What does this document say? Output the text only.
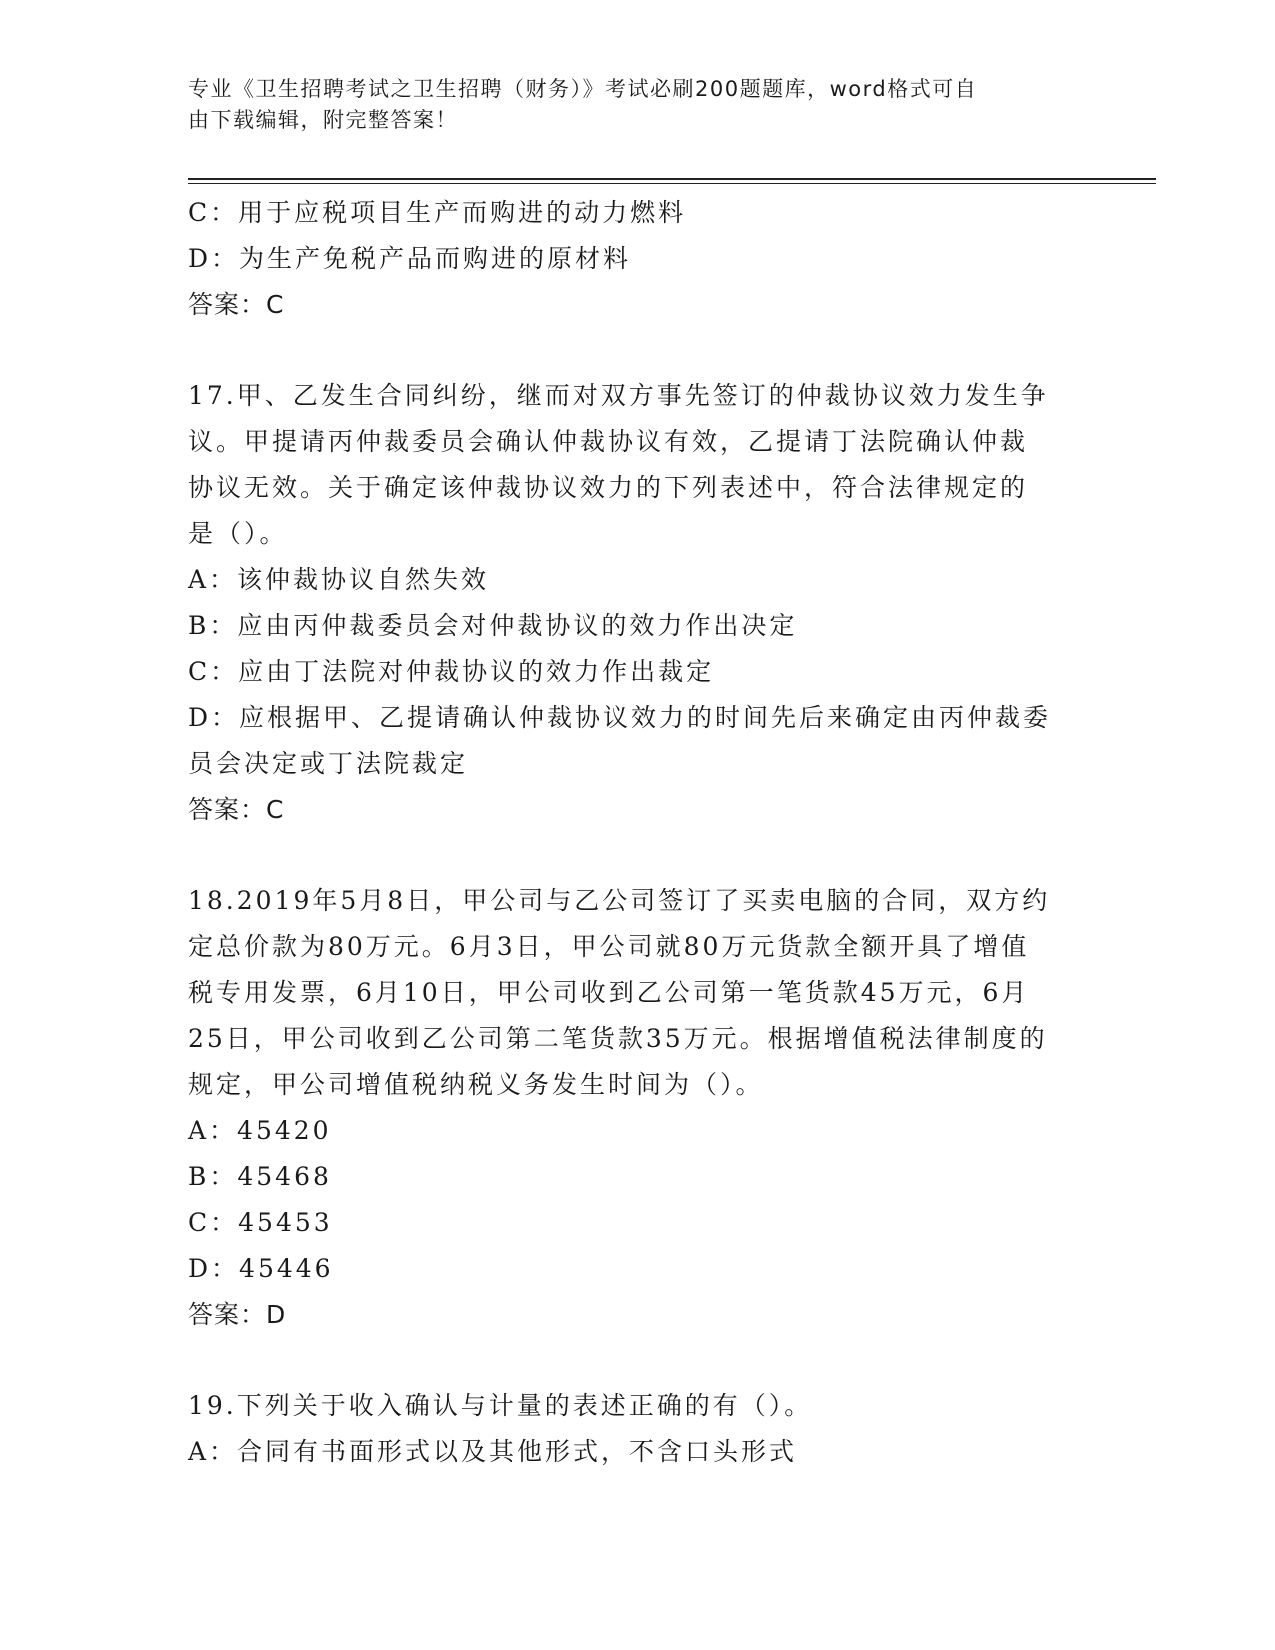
专业《卫生招聘考试之卫生招聘（财务）》考试必刷200题题库，word格式可自
由下载编辑，附完整答案！
C：用于应税项目生产而购进的动力燃料
D：为生产免税产品而购进的原材料
答案：C
17.甲、乙发生合同纠纷，继而对双方事先签订的仲裁协议效力发生争
议。甲提请丙仲裁委员会确认仲裁协议有效，乙提请丁法院确认仲裁
协议无效。关于确定该仲裁协议效力的下列表述中，符合法律规定的
是（）。
A：该仲裁协议自然失效
B：应由丙仲裁委员会对仲裁协议的效力作出决定
C：应由丁法院对仲裁协议的效力作出裁定
D：应根据甲、乙提请确认仲裁协议效力的时间先后来确定由丙仲裁委
员会决定或丁法院裁定
答案：C
18.2019年5月8日，甲公司与乙公司签订了买卖电脑的合同，双方约
定总价款为80万元。6月3日，甲公司就80万元货款全额开具了增值
税专用发票，6月10日，甲公司收到乙公司第一笔货款45万元，6月
25日，甲公司收到乙公司第二笔货款35万元。根据增值税法律制度的
规定，甲公司增值税纳税义务发生时间为（）。
A：45420
B：45468
C：45453
D：45446
答案：D
19.下列关于收入确认与计量的表述正确的有（）。
A：合同有书面形式以及其他形式，不含口头形式
